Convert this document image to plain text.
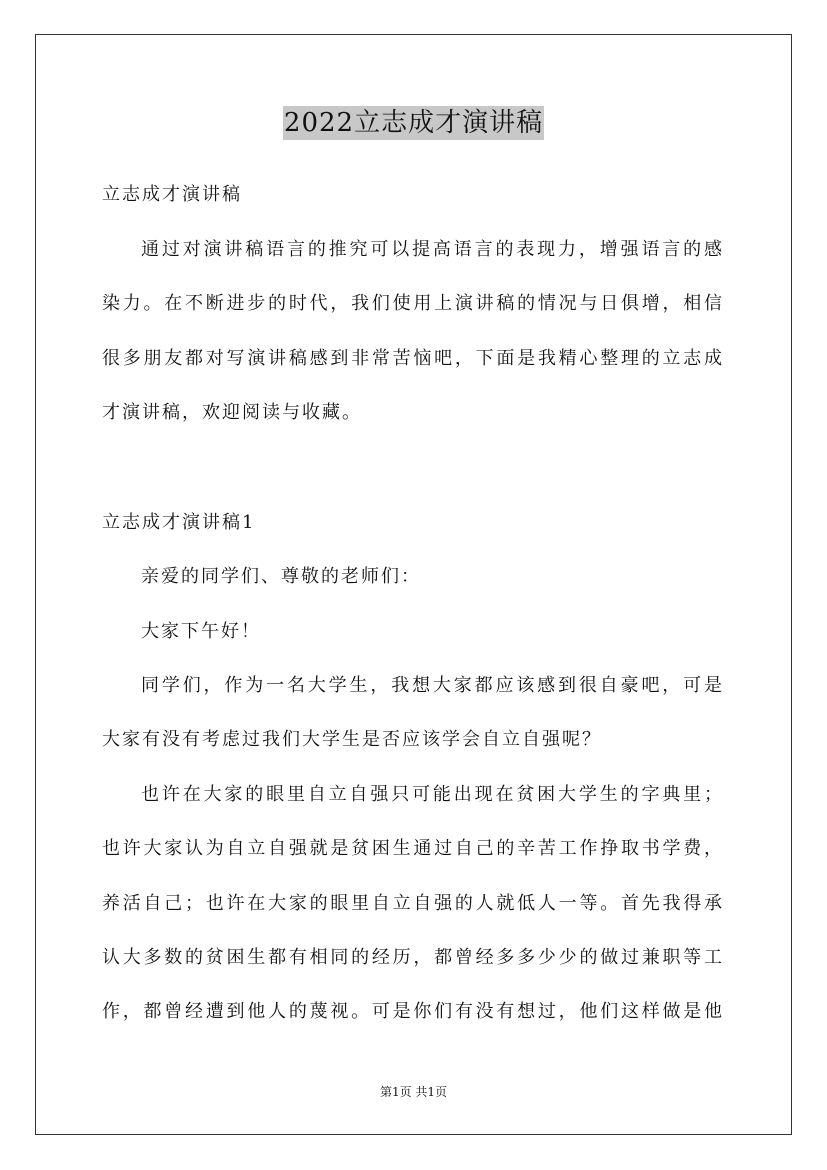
2022立志成才演讲稿
立志成才演讲稿
通过对演讲稿语言的推究可以提高语言的表现力，增强语言的感
染力。在不断进步的时代，我们使用上演讲稿的情况与日俱增，相信
很多朋友都对写演讲稿感到非常苦恼吧，下面是我精心整理的立志成
才演讲稿，欢迎阅读与收藏。
立志成才演讲稿1
亲爱的同学们、尊敬的老师们：
大家下午好！
同学们，作为一名大学生，我想大家都应该感到很自豪吧，可是
大家有没有考虑过我们大学生是否应该学会自立自强呢？
也许在大家的眼里自立自强只可能出现在贫困大学生的字典里；
也许大家认为自立自强就是贫困生通过自己的辛苦工作挣取书学费，
养活自己；也许在大家的眼里自立自强的人就低人一等。首先我得承
认大多数的贫困生都有相同的经历，都曾经多多少少的做过兼职等工
作，都曾经遭到他人的蔑视。可是你们有没有想过，他们这样做是他
第1页 共1页
